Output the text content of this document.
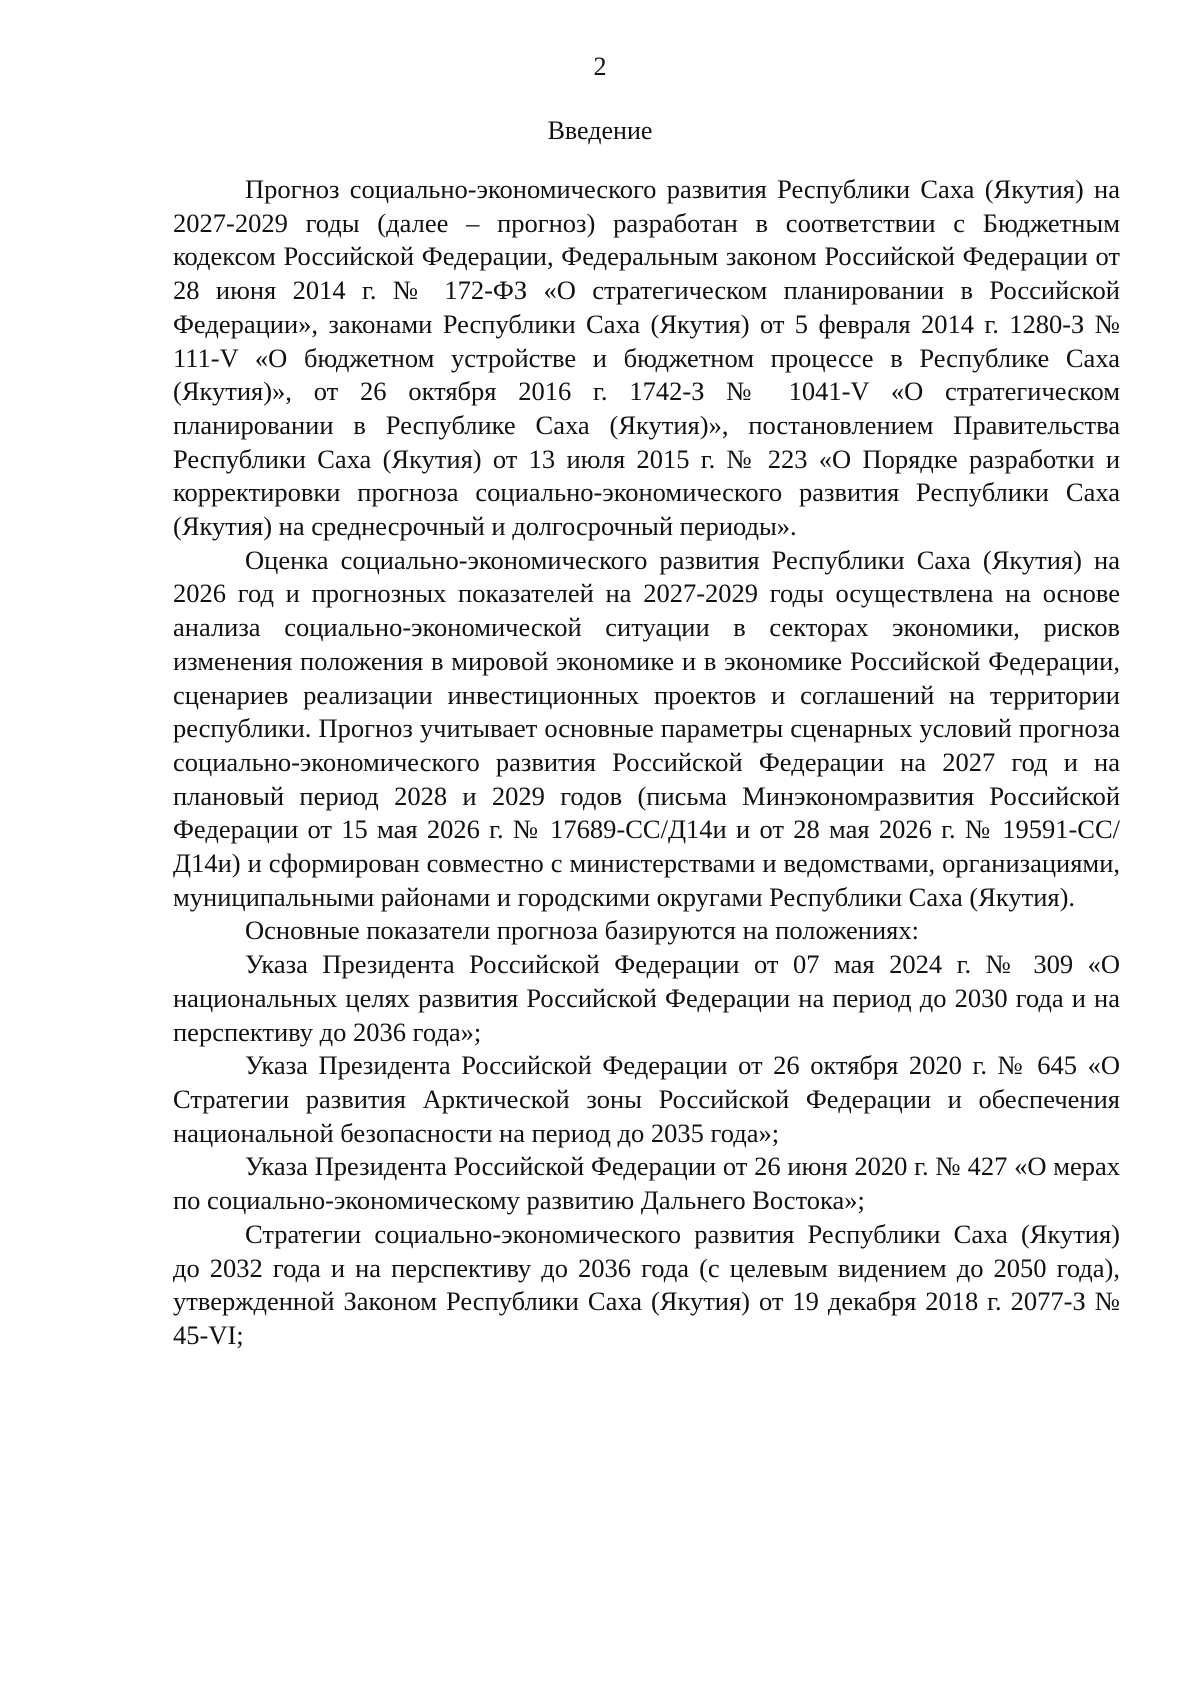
2
Введение

Прогноз социально-экономического развития Республики Саха (Якутия) на 2027-2029 годы (далее – прогноз) разработан в соответствии с Бюджетным кодексом Российской Федерации, Федеральным законом Российской Федерации от 28 июня 2014 г. № 172-ФЗ «О стратегическом планировании в Российской Федерации», законами Республики Саха (Якутия) от 5 февраля 2014 г. 1280-З № 111-V «О бюджетном устройстве и бюджетном процессе в Республике Саха (Якутия)», от 26 октября 2016 г. 1742-З № 1041-V «О стратегическом планировании в Республике Саха (Якутия)», постановлением Правительства Республики Саха (Якутия) от 13 июля 2015 г. № 223 «О Порядке разработки и корректировки прогноза социально-экономического развития Республики Саха (Якутия) на среднесрочный и долгосрочный периоды».

Оценка социально-экономического развития Республики Саха (Якутия) на 2026 год и прогнозных показателей на 2027-2029 годы осуществлена на основе анализа социально-экономической ситуации в секторах экономики, рисков изменения положения в мировой экономике и в экономике Российской Федерации, сценариев реализации инвестиционных проектов и соглашений на территории республики. Прогноз учитывает основные параметры сценарных условий прогноза социально-экономического развития Российской Федерации на 2027 год и на плановый период 2028 и 2029 годов (письма Минэкономразвития Российской Федерации от 15 мая 2026 г. № 17689-СС/Д14и и от 28 мая 2026 г. № 19591-СС/Д14и) и сформирован совместно с министерствами и ведомствами, организациями, муниципальными районами и городскими округами Республики Саха (Якутия).

Основные показатели прогноза базируются на положениях:

Указа Президента Российской Федерации от 07 мая 2024 г. № 309 «О национальных целях развития Российской Федерации на период до 2030 года и на перспективу до 2036 года»;

Указа Президента Российской Федерации от 26 октября 2020 г. № 645 «О Стратегии развития Арктической зоны Российской Федерации и обеспечения национальной безопасности на период до 2035 года»;

Указа Президента Российской Федерации от 26 июня 2020 г. № 427 «О мерах по социально-экономическому развитию Дальнего Востока»;

Стратегии социально-экономического развития Республики Саха (Якутия) до 2032 года и на перспективу до 2036 года (с целевым видением до 2050 года), утвержденной Законом Республики Саха (Якутия) от 19 декабря 2018 г. 2077-З № 45-VI;
